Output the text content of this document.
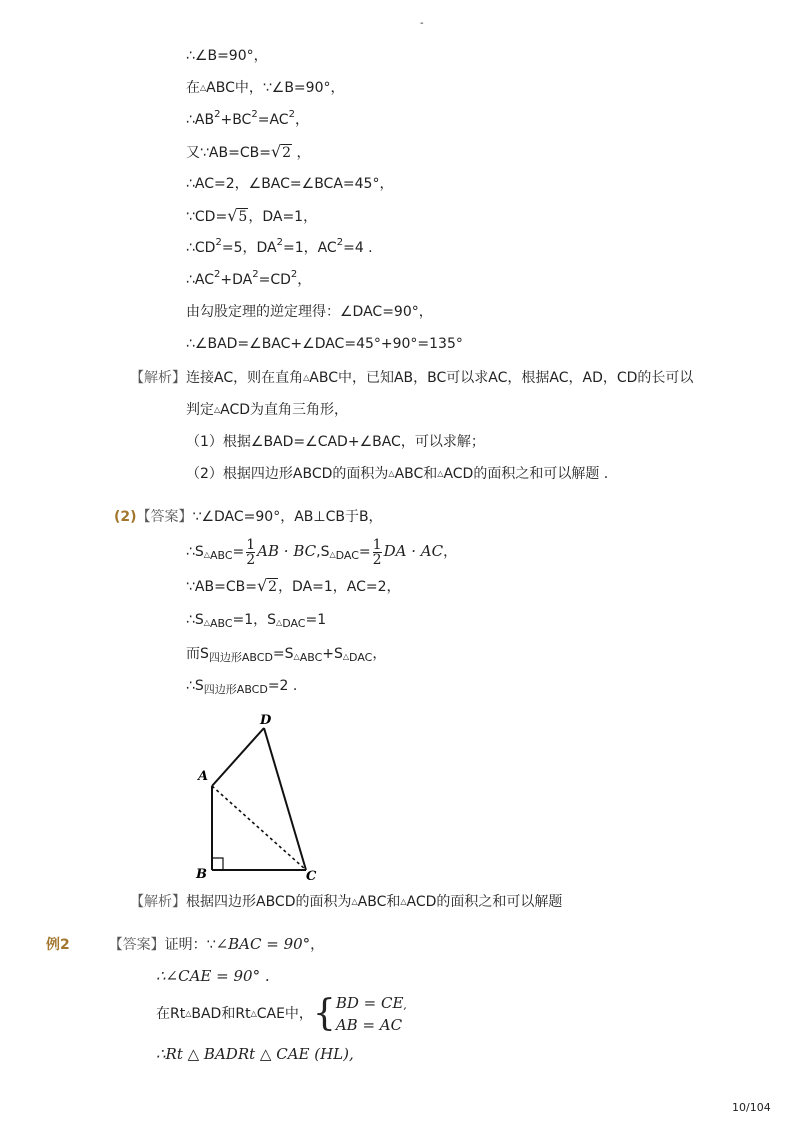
-
∴∠B=90°，
在△ABC中，∵∠B=90°，
$\therefore AB^2+BC^2=AC^2$，
又∵AB=CB=√2 ，
∴AC=2，∠BAC=∠BCA=45°，
∵CD=√5，DA=1，
$\therefore CD^2=5$，$DA^2=1$，$AC^2=4$ .
$\therefore AC^2+DA^2=CD^2$，
由勾股定理的逆定理得：∠DAC=90°，
∴∠BAD=∠BAC+∠DAC=45°+90°=135°
【解析】连接AC，则在直角△ABC中，已知AB，BC可以求AC，根据AC，AD，CD的长可以
判定△ACD为直角三角形，
（1）根据∠BAD=∠CAD+∠BAC，可以求解；
（2）根据四边形ABCD的面积为△ABC和△ACD的面积之和可以解题 .
(2)【答案】∵∠DAC=90°，AB⊥CB于B，
$\therefore S_{\triangle ABC}= \frac{1}{2}$ AB · $BC,S_{\triangle DAC}= \frac{1}{2}$ DA · AC，
∵AB=CB=√2，DA=1，AC=2，
$\therefore S_{\triangle ABC}=1$，$S_{\triangle DAC}=1$
而$S_{四边形ABCD}=S_{\triangle ABC}+S_{\triangle DAC}$，
$\therefore S_{四边形ABCD}=2$ .
D
A
B	C
【解析】根据四边形ABCD的面积为△ABC和△ACD的面积之和可以解题
例2	【答案】证明：∵∠BAC = 90°，
∴∠CAE = 90° .
在Rt△BAD和Rt△CAE中，{ BD = CE
AB = AC
′
∴Rt △ BADRt △ CAE (HL),
10/104
